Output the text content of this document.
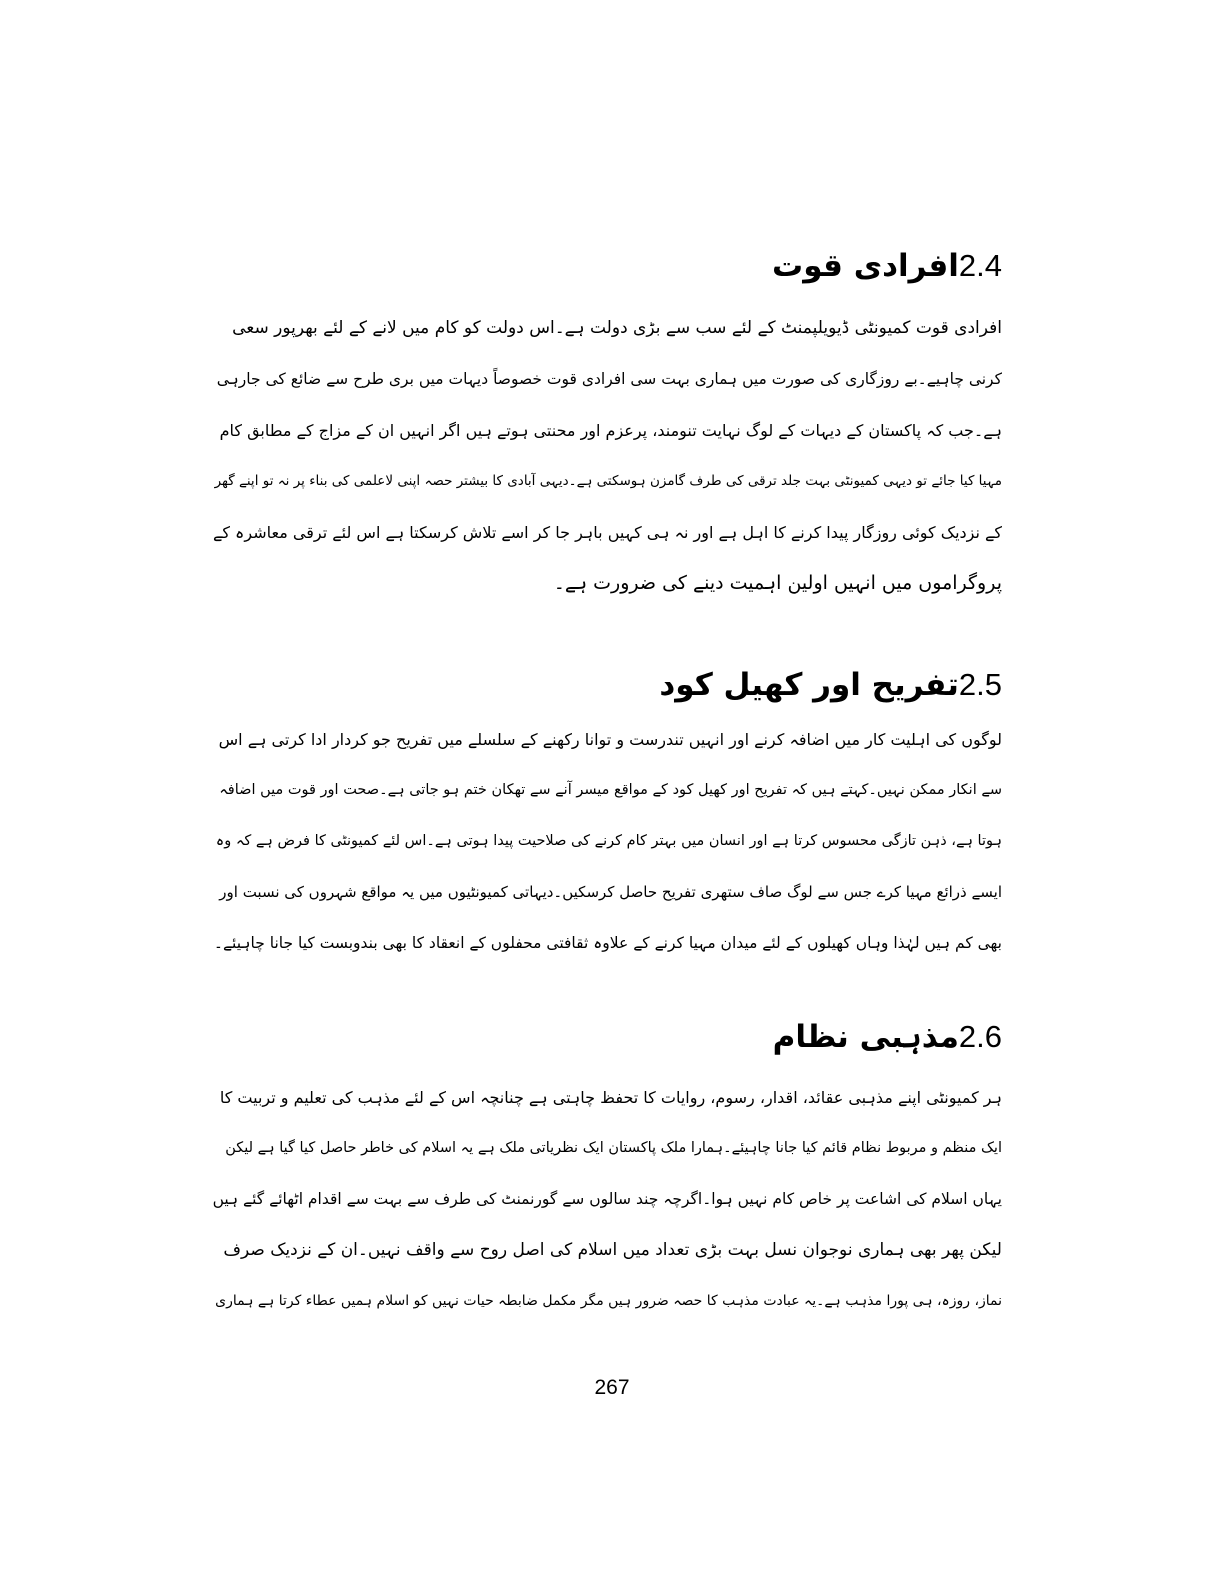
2.4افرادی قوت
افرادی قوت کمیونٹی ڈیویلپمنٹ کے لئے سب سے بڑی دولت ہے۔اس دولت کو کام میں لانے کے لئے بھرپور سعی
کرنی چاہیے۔بے روزگاری کی صورت میں ہماری بہت سی افرادی قوت خصوصاً دیہات میں بری طرح سے ضائع کی جارہی
ہے۔جب کہ پاکستان کے دیہات کے لوگ نہایت تنومند، پرعزم اور محنتی ہوتے ہیں اگر انہیں ان کے مزاج کے مطابق کام
مہیا کیا جائے تو دیہی کمیونٹی بہت جلد ترقی کی طرف گامزن ہوسکتی ہے۔دیہی آبادی کا بیشتر حصہ اپنی لاعلمی کی بناء پر نہ تو اپنے گھر
کے نزدیک کوئی روزگار پیدا کرنے کا اہل ہے اور نہ ہی کہیں باہر جا کر اسے تلاش کرسکتا ہے اس لئے ترقی معاشرہ کے
پروگراموں میں انہیں اولین اہمیت دینے کی ضرورت ہے۔
2.5تفریح اور کھیل کود
لوگوں کی اہلیت کار میں اضافہ کرنے اور انہیں تندرست و توانا رکھنے کے سلسلے میں تفریح جو کردار ادا کرتی ہے اس
سے انکار ممکن نہیں۔کہتے ہیں کہ تفریح اور کھیل کود کے مواقع میسر آنے سے تھکان ختم ہو جاتی ہے۔صحت اور قوت میں اضافہ
ہوتا ہے، ذہن تازگی محسوس کرتا ہے اور انسان میں بہتر کام کرنے کی صلاحیت پیدا ہوتی ہے۔اس لئے کمیونٹی کا فرض ہے کہ وہ
ایسے ذرائع مہیا کرے جس سے لوگ صاف ستھری تفریح حاصل کرسکیں۔دیہاتی کمیونٹیوں میں یہ مواقع شہروں کی نسبت اور
بھی کم ہیں لہٰذا وہاں کھیلوں کے لئے میدان مہیا کرنے کے علاوہ ثقافتی محفلوں کے انعقاد کا بھی بندوبست کیا جانا چاہیئے۔
2.6مذہبی نظام
ہر کمیونٹی اپنے مذہبی عقائد، اقدار، رسوم، روایات کا تحفظ چاہتی ہے چنانچہ اس کے لئے مذہب کی تعلیم و تربیت کا
ایک منظم و مربوط نظام قائم کیا جانا چاہیئے۔ہمارا ملک پاکستان ایک نظریاتی ملک ہے یہ اسلام کی خاطر حاصل کیا گیا ہے لیکن
یہاں اسلام کی اشاعت پر خاص کام نہیں ہوا۔اگرچہ چند سالوں سے گورنمنٹ کی طرف سے بہت سے اقدام اٹھائے گئے ہیں
لیکن پھر بھی ہماری نوجوان نسل بہت بڑی تعداد میں اسلام کی اصل روح سے واقف نہیں۔ان کے نزدیک صرف
نماز، روزہ، ہی پورا مذہب ہے۔یہ عبادت مذہب کا حصہ ضرور ہیں مگر مکمل ضابطہ حیات نہیں کو اسلام ہمیں عطاء کرتا ہے ہماری
267
